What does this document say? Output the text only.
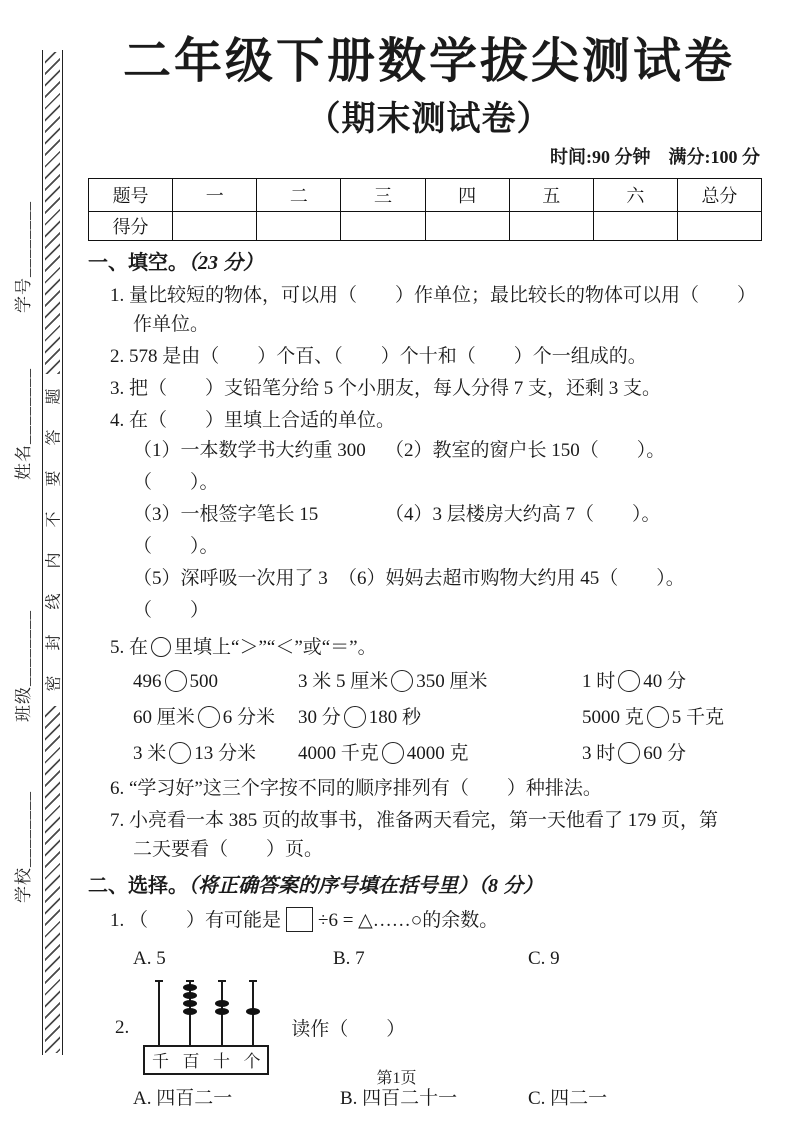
学号________
姓名________
班级________
学校________
题
答
要
不
内
线
封
密
二年级下册数学拔尖测试卷
（期末测试卷）
时间:90 分钟　满分:100 分
题号	一	二	三	四	五	六	总分
得分							
一、填空。（23 分）
1. 量比较短的物体，可以用（　　）作单位；最比较长的物体可以用（　　）
作单位。
2. 578 是由（　　）个百、（　　）个十和（　　）个一组成的。
3. 把（　　）支铅笔分给 5 个小朋友，每人分得 7 支，还剩 3 支。
4. 在（　　）里填上合适的单位。
（1）一本数学书大约重 300（　　）。
（2）教室的窗户长 150（　　）。
（3）一根签字笔长 15（　　）。
（4）3 层楼房大约高 7（　　）。
（5）深呼吸一次用了 3（　　）
（6）妈妈去超市购物大约用 45（　　）。
5. 在 里填上“＞”“＜”或“＝”。
496 500	3 米 5 厘米 350 厘米	1 时 40 分
60 厘米 6 分米	30 分 180 秒	5000 克 5 千克
3 米 13 分米	4000 千克 4000 克	3 时 60 分
6. “学习好”这三个字按不同的顺序排列有（　　）种排法。
7. 小亮看一本 385 页的故事书，准备两天看完，第一天他看了 179 页，第
二天要看（　　）页。
二、选择。（将正确答案的序号填在括号里）（8 分）
1. （　　）有可能是 ÷6 = △……○的余数。
A. 5	B. 7	C. 9
2.
千 百 十 个
读作（　　）
A. 四百二一	B. 四百二十一	C. 四二一
第1页
